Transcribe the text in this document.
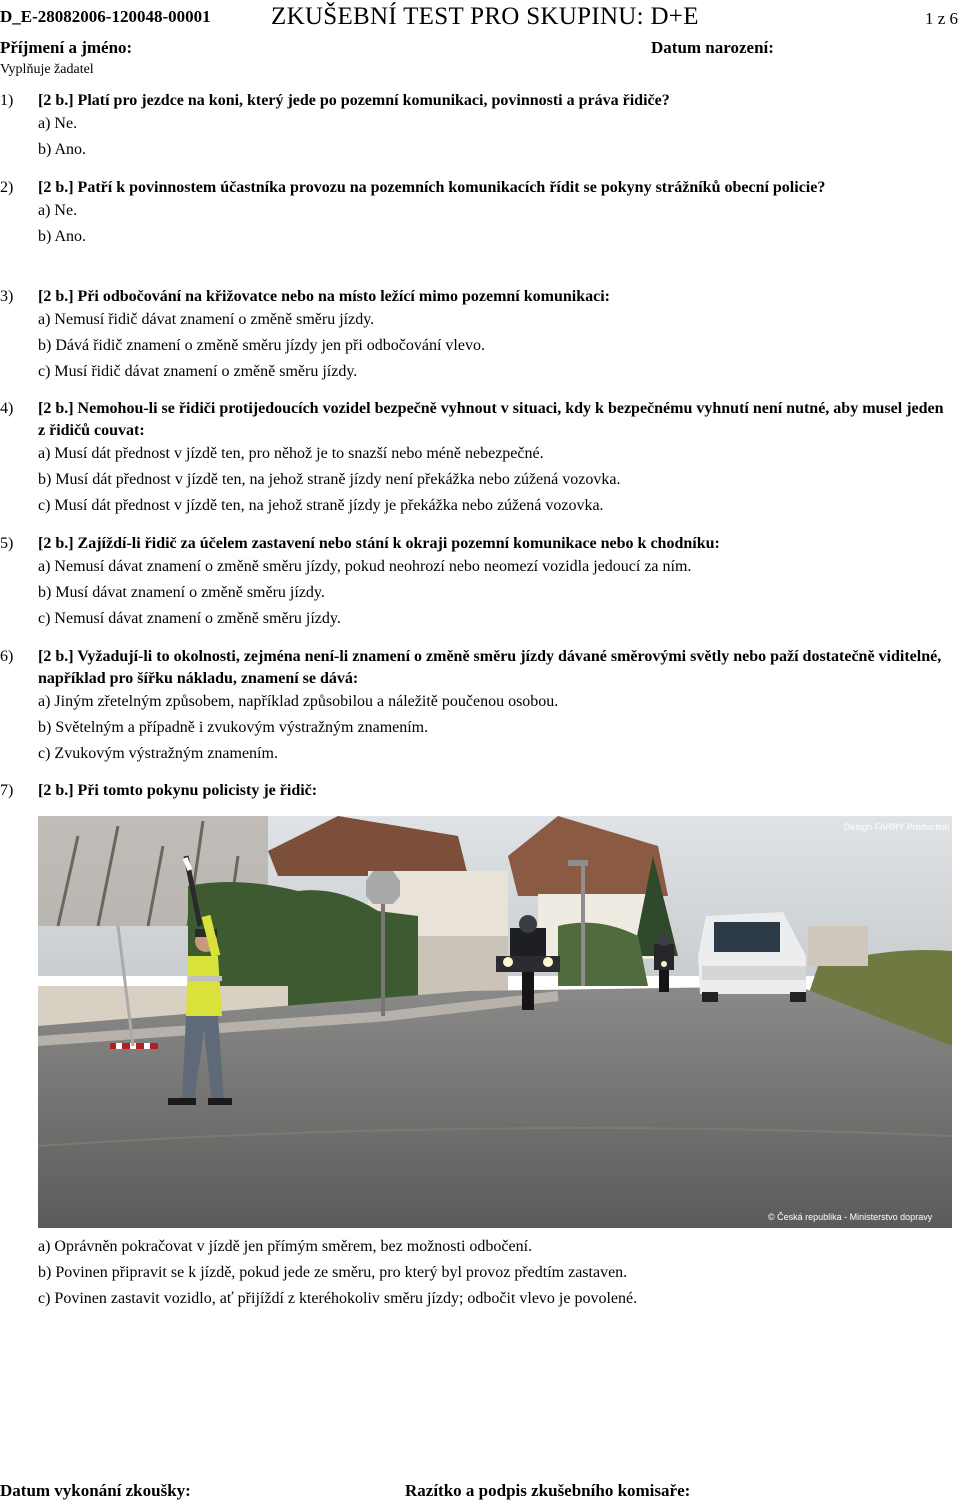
D_E-28082006-120048-00001 ZKUŠEBNÍ TEST PRO SKUPINU: D+E	1 z 6
Příjmení a jméno:	Datum narození:
Vyplňuje žadatel
1) [2 b.] Platí pro jezdce na koni, který jede po pozemní komunikaci, povinnosti a práva řidiče?
a) Ne.
b) Ano.
2) [2 b.] Patří k povinnostem účastníka provozu na pozemních komunikacích řídit se pokyny strážníků obecní policie?
a) Ne.
b) Ano.
3) [2 b.] Při odbočování na křižovatce nebo na místo ležící mimo pozemní komunikaci:
a) Nemusí řidič dávat znamení o změně směru jízdy.
b) Dává řidič znamení o změně směru jízdy jen při odbočování vlevo.
c) Musí řidič dávat znamení o změně směru jízdy.
4) [2 b.] Nemohou-li se řidiči protijedoucích vozidel bezpečně vyhnout v situaci, kdy k bezpečnému vyhnutí není nutné, aby musel jeden z řidičů couvat:
a) Musí dát přednost v jízdě ten, pro něhož je to snazší nebo méně nebezpečné.
b) Musí dát přednost v jízdě ten, na jehož straně jízdy není překážka nebo zúžená vozovka.
c) Musí dát přednost v jízdě ten, na jehož straně jízdy je překážka nebo zúžená vozovka.
5) [2 b.] Zajíždí-li řidič za účelem zastavení nebo stání k okraji pozemní komunikace nebo k chodníku:
a) Nemusí dávat znamení o změně směru jízdy, pokud neohrozí nebo neomezí vozidla jedoucí za ním.
b) Musí dávat znamení o změně směru jízdy.
c) Nemusí dávat znamení o změně směru jízdy.
6) [2 b.] Vyžadují-li to okolnosti, zejména není-li znamení o změně směru jízdy dávané směrovými světly nebo paží dostatečně viditelné, například pro šířku nákladu, znamení se dává:
a) Jiným zřetelným způsobem, například způsobilou a náležitě poučenou osobou.
b) Světelným a případně i zvukovým výstražným znamením.
c) Zvukovým výstražným znamením.
7) [2 b.] Při tomto pokynu policisty je řidič:
Design FARRY Production
© Česká republika - Ministerstvo dopravy
a) Oprávněn pokračovat v jízdě jen přímým směrem, bez možnosti odbočení.
b) Povinen připravit se k jízdě, pokud jede ze směru, pro který byl provoz předtím zastaven.
c) Povinen zastavit vozidlo, ať přijíždí z kteréhokoliv směru jízdy; odbočit vlevo je povolené.
Datum vykonání zkoušky:	Razítko a podpis zkušebního komisaře:
